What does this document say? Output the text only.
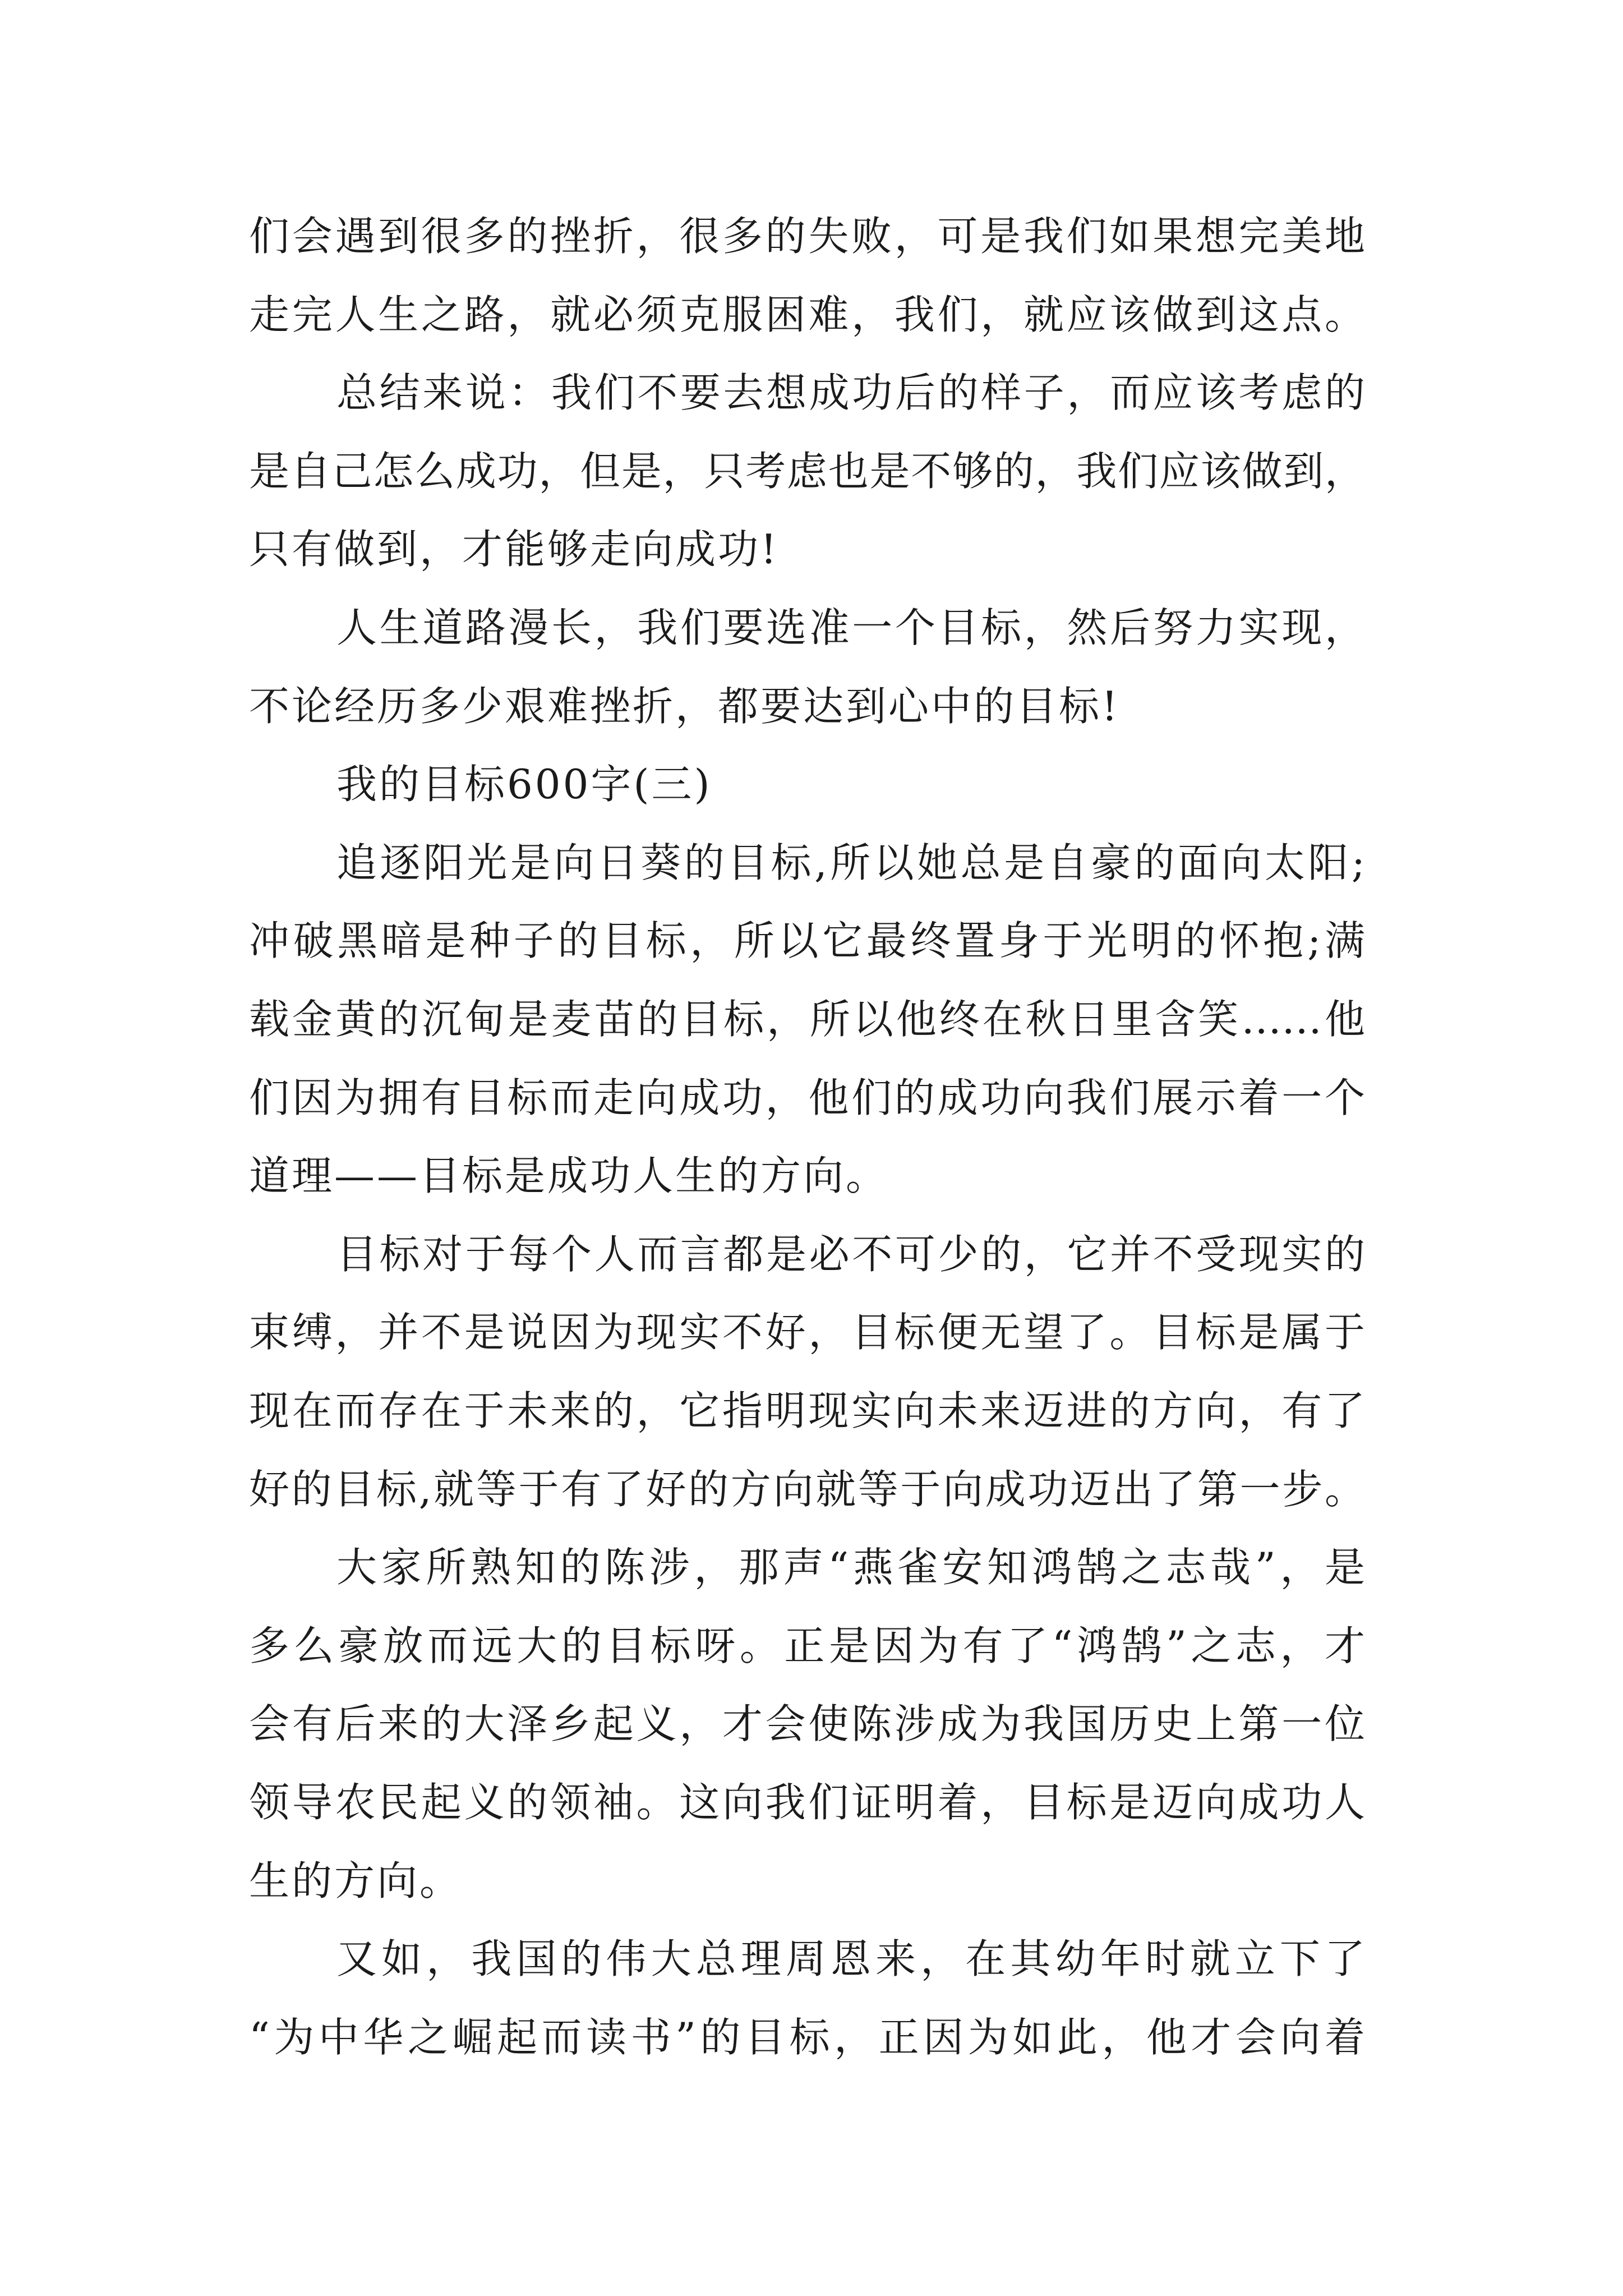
们会遇到很多的挫折，很多的失败，可是我们如果想完美地
走完人生之路，就必须克服困难，我们，就应该做到这点。
总结来说：我们不要去想成功后的样子，而应该考虑的
是自己怎么成功，但是，只考虑也是不够的，我们应该做到，
只有做到，才能够走向成功!
人生道路漫长，我们要选准一个目标，然后努力实现，
不论经历多少艰难挫折，都要达到心中的目标!
我的目标600字(三)
追逐阳光是向日葵的目标,所以她总是自豪的面向太阳;
冲破黑暗是种子的目标，所以它最终置身于光明的怀抱;满
载金黄的沉甸是麦苗的目标，所以他终在秋日里含笑……他
们因为拥有目标而走向成功，他们的成功向我们展示着一个
道理——目标是成功人生的方向。
目标对于每个人而言都是必不可少的，它并不受现实的
束缚，并不是说因为现实不好，目标便无望了。目标是属于
现在而存在于未来的，它指明现实向未来迈进的方向，有了
好的目标,就等于有了好的方向就等于向成功迈出了第一步。
大家所熟知的陈涉，那声“燕雀安知鸿鹄之志哉”，是
多么豪放而远大的目标呀。正是因为有了“鸿鹄”之志，才
会有后来的大泽乡起义，才会使陈涉成为我国历史上第一位
领导农民起义的领袖。这向我们证明着，目标是迈向成功人
生的方向。
又如，我国的伟大总理周恩来，在其幼年时就立下了
“为中华之崛起而读书”的目标，正因为如此，他才会向着
